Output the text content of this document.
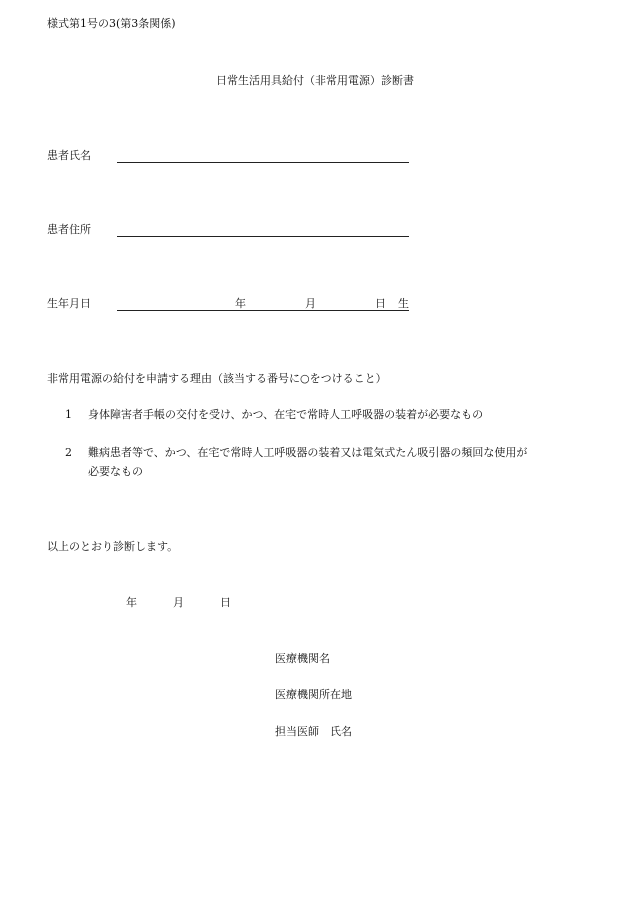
様式第1号の3(第3条関係)
日常生活用具給付（非常用電源）診断書
患者氏名
患者住所
生年月日	年	月	日 生
非常用電源の給付を申請する理由（該当する番号に○をつけること）
1 身体障害者手帳の交付を受け、かつ、在宅で常時人工呼吸器の装着が必要なもの
2 難病患者等で、かつ、在宅で常時人工呼吸器の装着又は電気式たん吸引器の頻回な使用が
必要なもの
以上のとおり診断します。
年	月	日
医療機関名
医療機関所在地
担当医師　氏名
